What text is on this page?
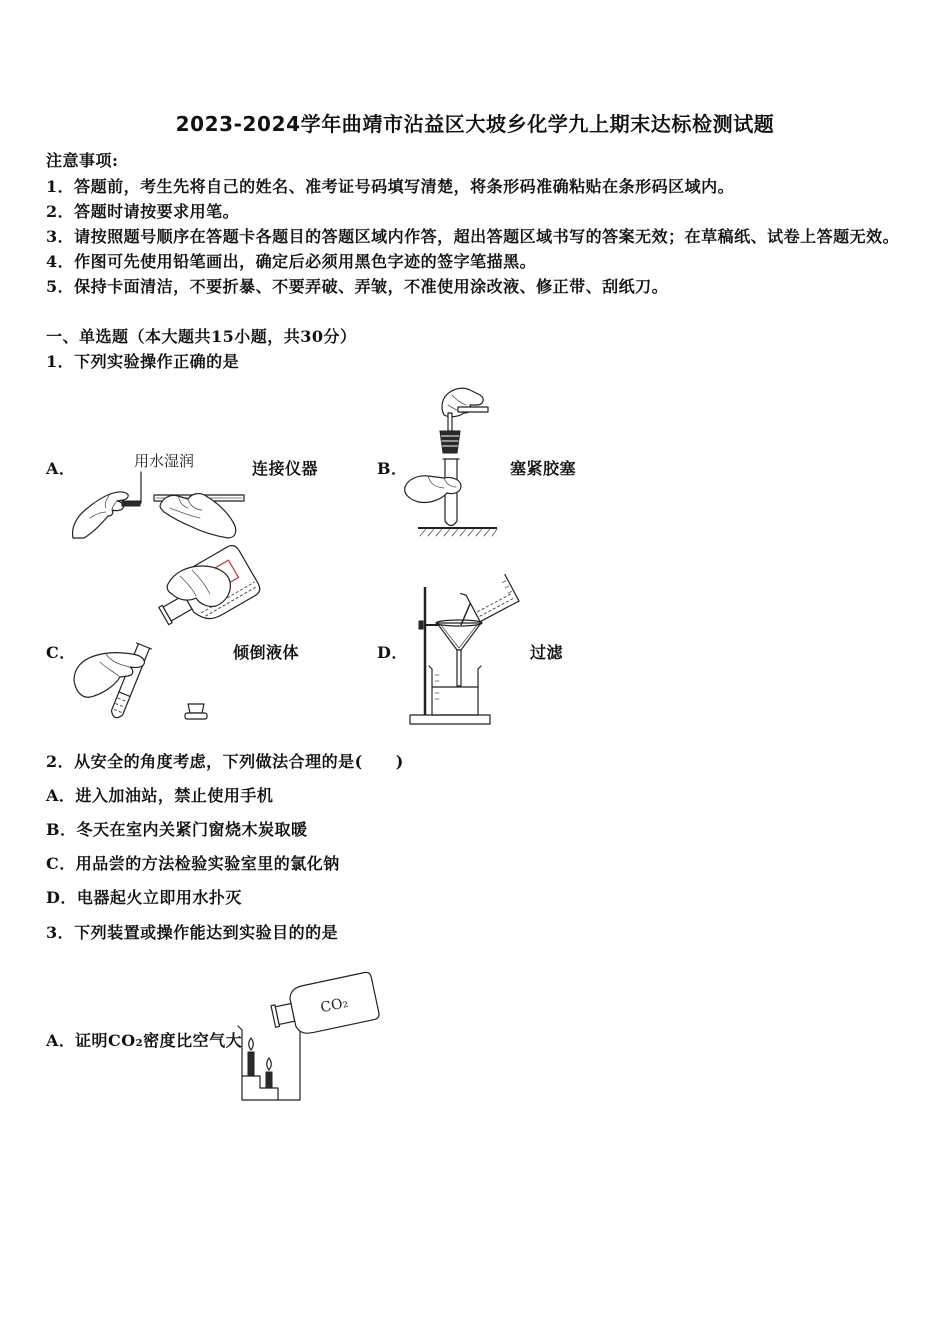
2023-2024学年曲靖市沾益区大坡乡化学九上期末达标检测试题
注意事项:
1．答题前，考生先将自己的姓名、准考证号码填写清楚，将条形码准确粘贴在条形码区域内。
2．答题时请按要求用笔。
3．请按照题号顺序在答题卡各题目的答题区域内作答，超出答题区域书写的答案无效；在草稿纸、试卷上答题无效。
4．作图可先使用铅笔画出，确定后必须用黑色字迹的签字笔描黑。
5．保持卡面清洁，不要折暴、不要弄破、弄皱，不准使用涂改液、修正带、刮纸刀。
一、单选题（本大题共15小题，共30分）
1．下列实验操作正确的是
A．	用水湿润	连接仪器	B．	塞紧胶塞
C．	倾倒液体	D．	过滤
2．从安全的角度考虑，下列做法合理的是(　　)
A．进入加油站，禁止使用手机
B．冬天在室内关紧门窗烧木炭取暖
C．用品尝的方法检验实验室里的氯化钠
D．电器起火立即用水扑灭
3．下列装置或操作能达到实验目的的是
A． 证明CO₂密度比空气大
CO₂
